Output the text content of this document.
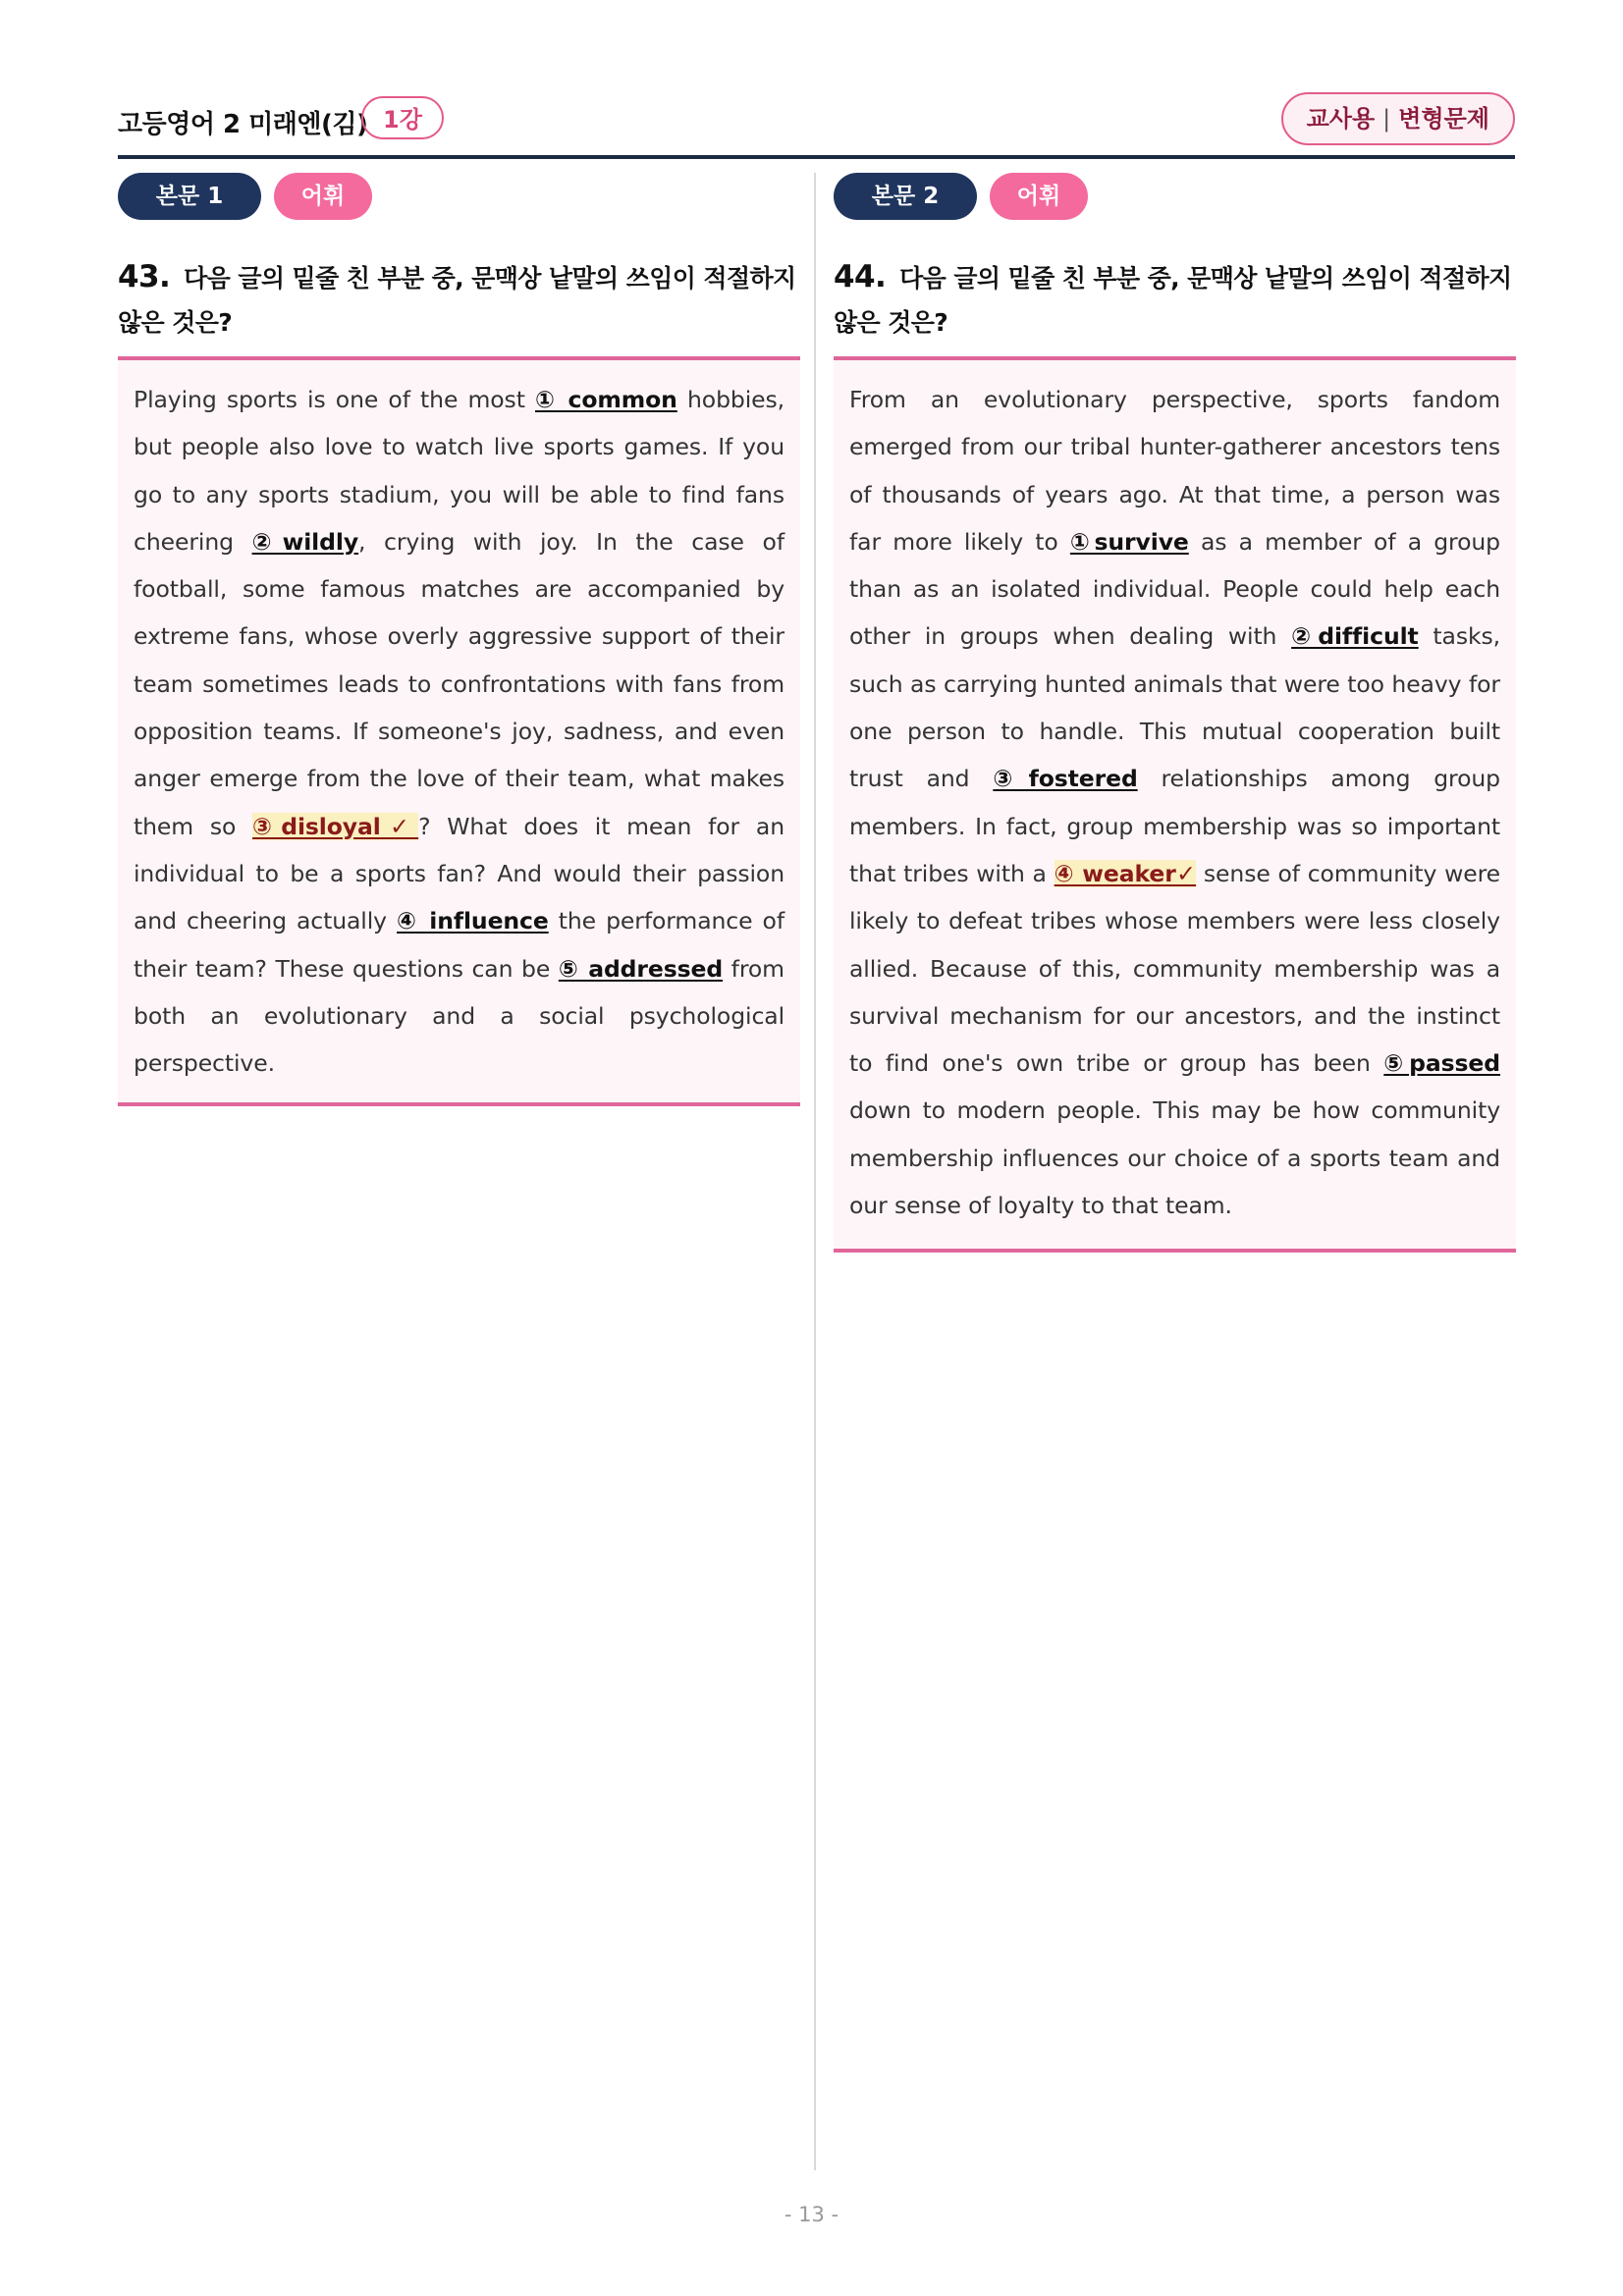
고등영어 2 미래엔(김) 1강	교사용 | 변형문제
본문 1	어휘
43. 다음 글의 밑줄 친 부분 중, 문맥상 낱말의 쓰임이 적절하지 않은 것은?
Playing sports is one of the most ① common hobbies, but people also love to watch live sports games. If you go to any sports stadium, you will be able to find fans cheering ②wildly, crying with joy. In the case of football, some famous matches are accompanied by extreme fans, whose overly aggressive support of their team sometimes leads to confrontations with fans from opposition teams. If someone's joy, sadness, and even anger emerge from the love of their team, what makes them so ③disloyal✓? What does it mean for an individual to be a sports fan? And would their passion and cheering actually ④ influence the performance of their team? These questions can be ⑤ addressed from both an evolutionary and a social psychological perspective.
본문 2	어휘
44. 다음 글의 밑줄 친 부분 중, 문맥상 낱말의 쓰임이 적절하지 않은 것은?
From an evolutionary perspective, sports fandom emerged from our tribal hunter-gatherer ancestors tens of thousands of years ago. At that time, a person was far more likely to ①survive as a member of a group than as an isolated individual. People could help each other in groups when dealing with ②difficult tasks, such as carrying hunted animals that were too heavy for one person to handle. This mutual cooperation built trust and ③fostered relationships among group members. In fact, group membership was so important that tribes with a ④ weaker✓ sense of community were likely to defeat tribes whose members were less closely allied. Because of this, community membership was a survival mechanism for our ancestors, and the instinct to find one's own tribe or group has been ⑤passed down to modern people. This may be how community membership influences our choice of a sports team and our sense of loyalty to that team.
- 13 -
